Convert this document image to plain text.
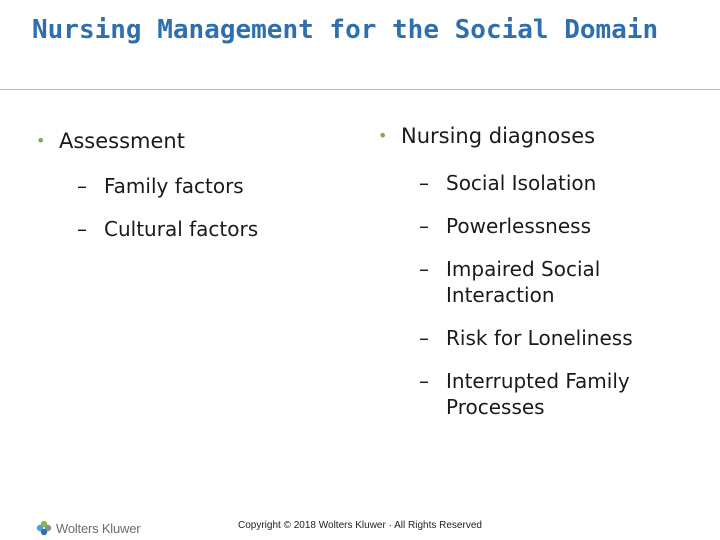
Nursing Management for the Social Domain
• Assessment
– Family factors
– Cultural factors
• Nursing diagnoses
– Social Isolation
– Powerlessness
– Impaired Social Interaction
– Risk for Loneliness
– Interrupted Family Processes
Wolters Kluwer	Copyright © 2018 Wolters Kluwer · All Rights Reserved
